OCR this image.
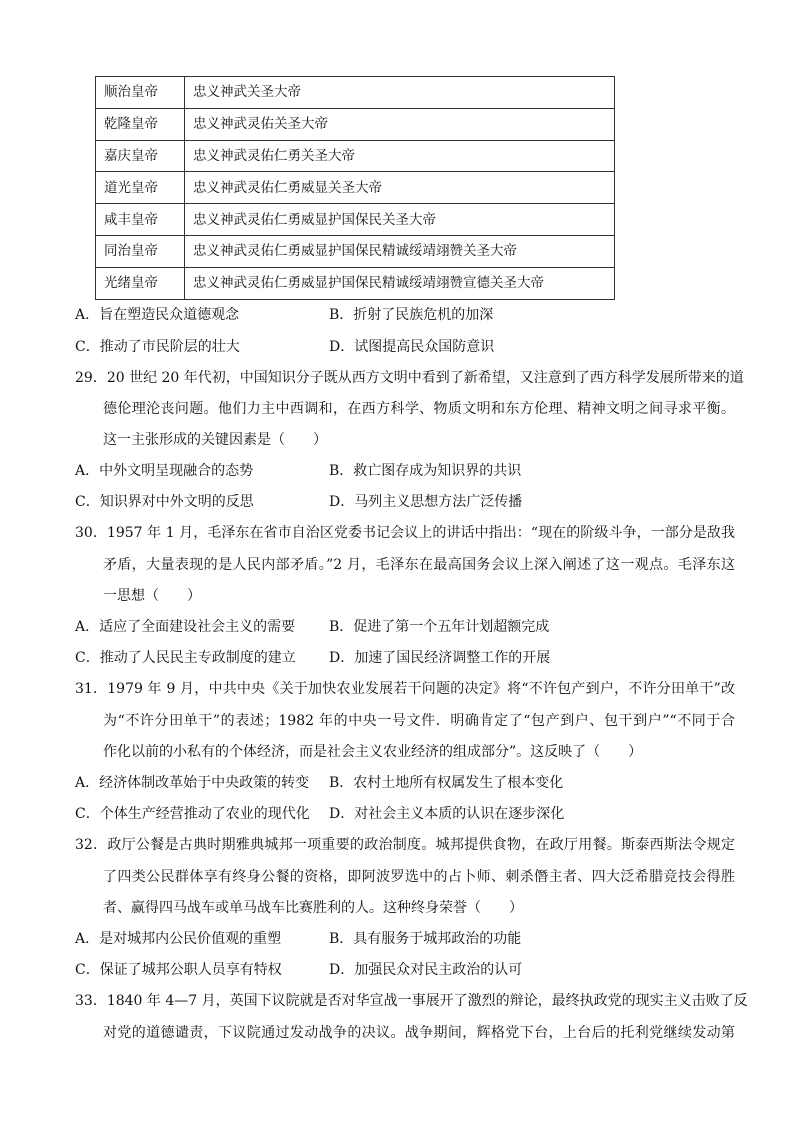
顺治皇帝	忠义神武关圣大帝
乾隆皇帝	忠义神武灵佑关圣大帝
嘉庆皇帝	忠义神武灵佑仁勇关圣大帝
道光皇帝	忠义神武灵佑仁勇威显关圣大帝
咸丰皇帝	忠义神武灵佑仁勇威显护国保民关圣大帝
同治皇帝	忠义神武灵佑仁勇威显护国保民精诚绥靖翊赞关圣大帝
光绪皇帝	忠义神武灵佑仁勇威显护国保民精诚绥靖翊赞宣德关圣大帝
A．旨在塑造民众道德观念	B．折射了民族危机的加深
C．推动了市民阶层的壮大	D．试图提高民众国防意识
29．20 世纪 20 年代初，中国知识分子既从西方文明中看到了新希望，又注意到了西方科学发展所带来的道
德伦理沦丧问题。他们力主中西调和，在西方科学、物质文明和东方伦理、精神文明之间寻求平衡。
这一主张形成的关键因素是（　　）
A．中外文明呈现融合的态势	B．救亡图存成为知识界的共识
C．知识界对中外文明的反思	D．马列主义思想方法广泛传播
30．1957 年 1 月，毛泽东在省市自治区党委书记会议上的讲话中指出：“现在的阶级斗争，一部分是敌我
矛盾，大量表现的是人民内部矛盾。”2 月，毛泽东在最高国务会议上深入阐述了这一观点。毛泽东这
一思想（　　）
A．适应了全面建设社会主义的需要 B．促进了第一个五年计划超额完成
C．推动了人民民主专政制度的建立 D．加速了国民经济调整工作的开展
31．1979 年 9 月，中共中央《关于加快农业发展若干问题的决定》将“不许包产到户，不许分田单干”改
为“不许分田单干”的表述；1982 年的中央一号文件．明确肯定了“包产到户、包干到户”“不同于合
作化以前的小私有的个体经济，而是社会主义农业经济的组成部分”。这反映了（　　）
A．经济体制改革始于中央政策的转变 B．农村土地所有权属发生了根本变化
C．个体生产经营推动了农业的现代化 D．对社会主义本质的认识在逐步深化
32．政厅公餐是古典时期雅典城邦一项重要的政治制度。城邦提供食物，在政厅用餐。斯泰西斯法令规定
了四类公民群体享有终身公餐的资格，即阿波罗选中的占卜师、刺杀僭主者、四大泛希腊竞技会得胜
者、赢得四马战车或单马战车比赛胜利的人。这种终身荣誉（　　）
A．是对城邦内公民价值观的重塑	B．具有服务于城邦政治的功能
C．保证了城邦公职人员享有特权	D．加强民众对民主政治的认可
33．1840 年 4—7 月，英国下议院就是否对华宣战一事展开了激烈的辩论，最终执政党的现实主义击败了反
对党的道德谴责，下议院通过发动战争的决议。战争期间，辉格党下台，上台后的托利党继续发动第
